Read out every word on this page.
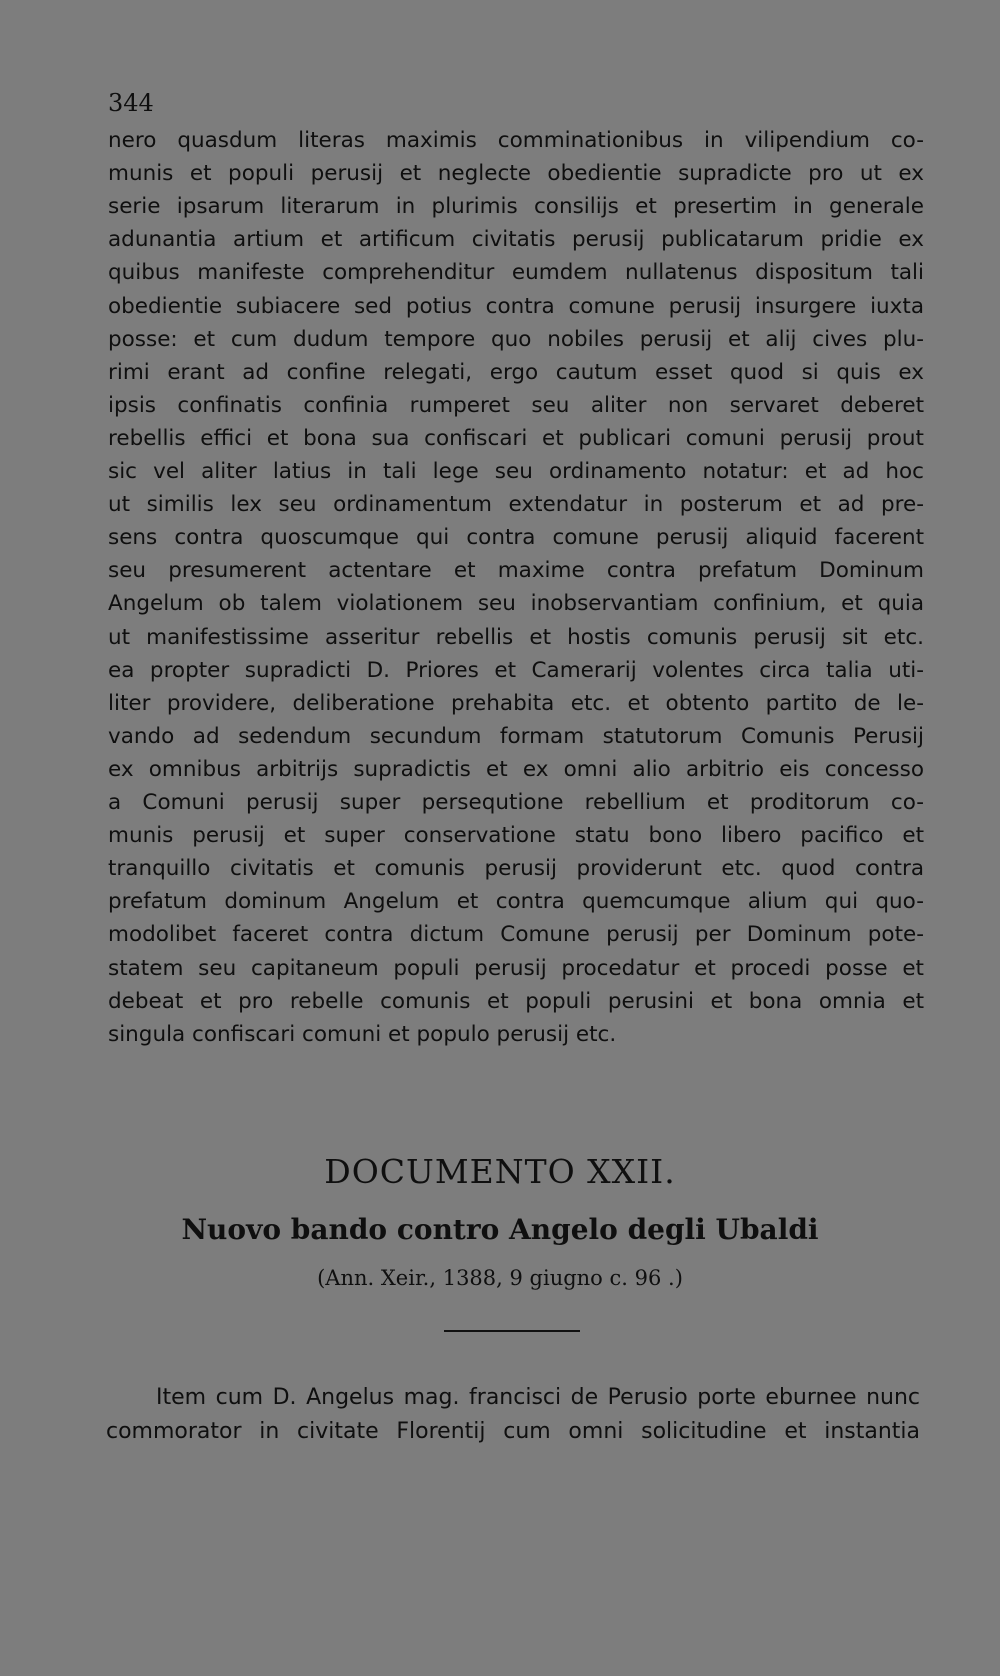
344
nero quasdum literas maximis comminationibus in vilipendium co-
munis et populi perusij et neglecte obedientie supradicte pro ut ex
serie ipsarum literarum in plurimis consilijs et presertim in generale
adunantia artium et artificum civitatis perusij publicatarum pridie ex
quibus manifeste comprehenditur eumdem nullatenus dispositum tali
obedientie subiacere sed potius contra comune perusij insurgere iuxta
posse: et cum dudum tempore quo nobiles perusij et alij cives plu-
rimi erant ad confine relegati, ergo cautum esset quod si quis ex
ipsis confinatis confinia rumperet seu aliter non servaret deberet
rebellis effici et bona sua confiscari et publicari comuni perusij prout
sic vel aliter latius in tali lege seu ordinamento notatur: et ad hoc
ut similis lex seu ordinamentum extendatur in posterum et ad pre-
sens contra quoscumque qui contra comune perusij aliquid facerent
seu presumerent actentare et maxime contra prefatum Dominum
Angelum ob talem violationem seu inobservantiam confinium, et quia
ut manifestissime asseritur rebellis et hostis comunis perusij sit etc.
ea propter supradicti D. Priores et Camerarij volentes circa talia uti-
liter providere, deliberatione prehabita etc. et obtento partito de le-
vando ad sedendum secundum formam statutorum Comunis Perusij
ex omnibus arbitrijs supradictis et ex omni alio arbitrio eis concesso
a Comuni perusij super persequtione rebellium et proditorum co-
munis perusij et super conservatione statu bono libero pacifico et
tranquillo civitatis et comunis perusij providerunt etc. quod contra
prefatum dominum Angelum et contra quemcumque alium qui quo-
modolibet faceret contra dictum Comune perusij per Dominum pote-
statem seu capitaneum populi perusij procedatur et procedi posse et
debeat et pro rebelle comunis et populi perusini et bona omnia et
singula confiscari comuni et populo perusij etc.
DOCUMENTO XXII.
Nuovo bando contro Angelo degli Ubaldi
(Ann. Xeir., 1388, 9 giugno c. 96 .)
Item cum D. Angelus mag. francisci de Perusio porte eburnee nunc
commorator in civitate Florentij cum omni solicitudine et instantia
